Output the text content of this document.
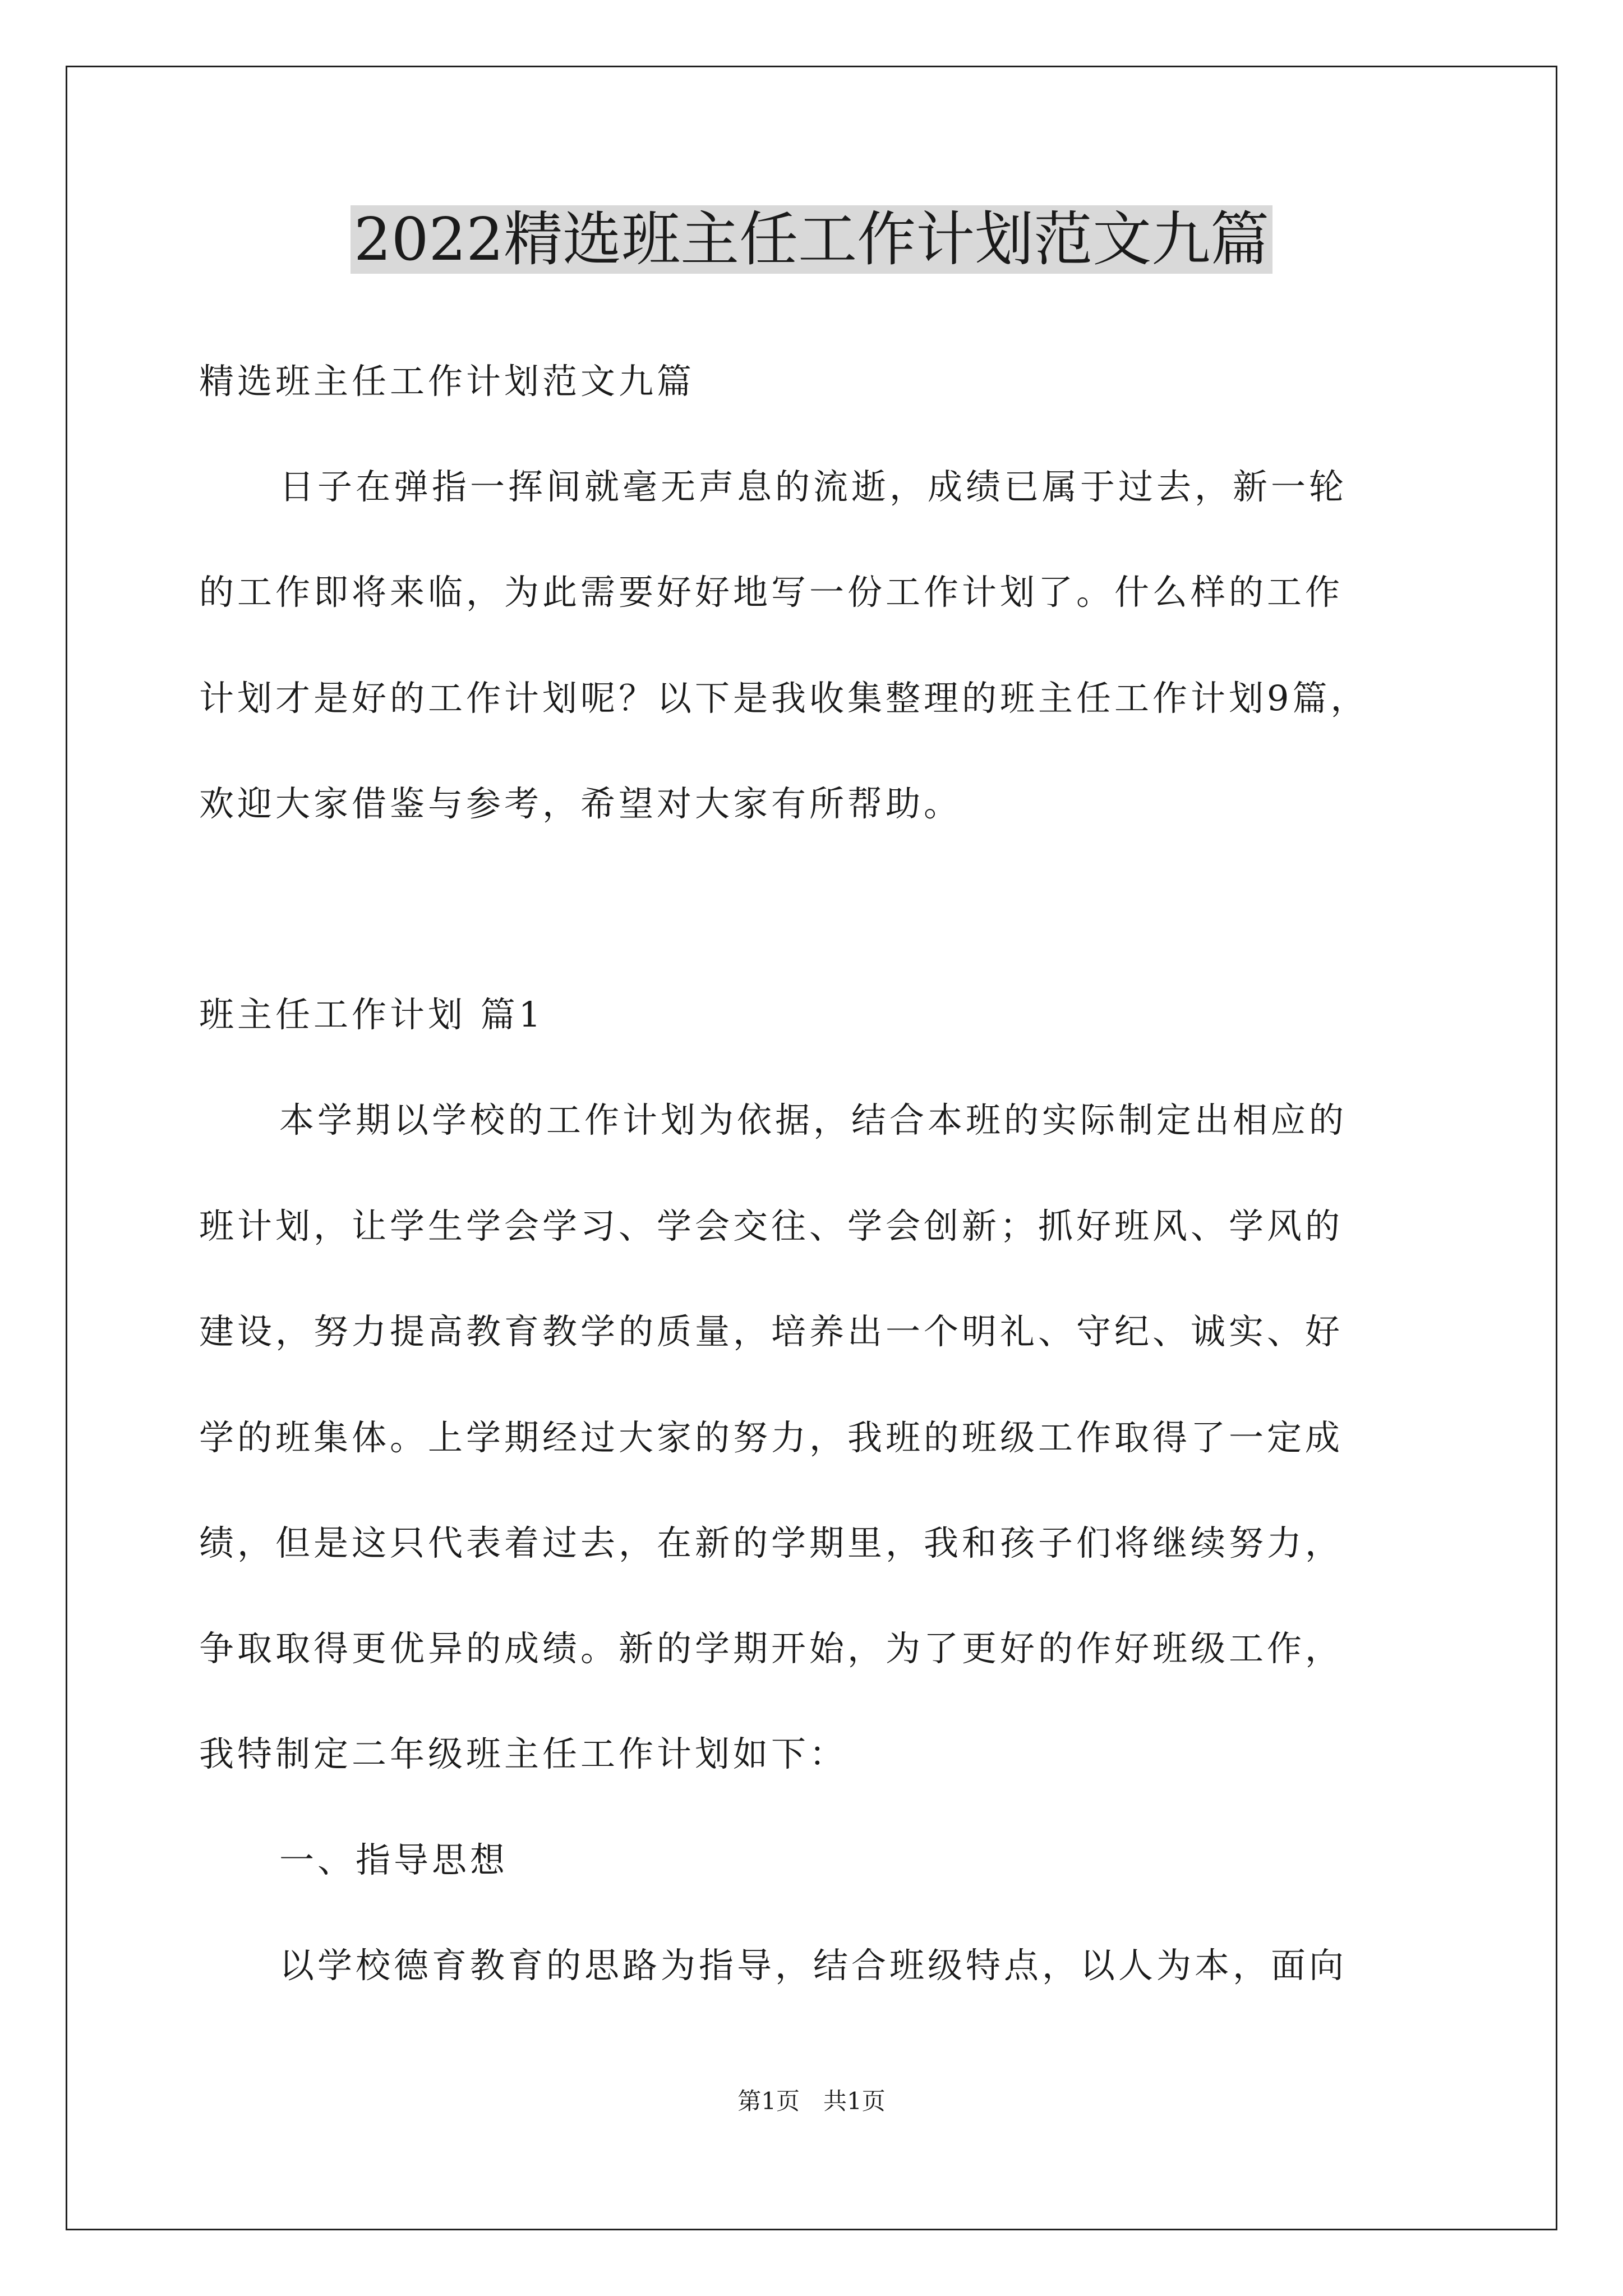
2022精选班主任工作计划范文九篇
精选班主任工作计划范文九篇
日子在弹指一挥间就毫无声息的流逝，成绩已属于过去，新一轮
的工作即将来临，为此需要好好地写一份工作计划了。什么样的工作
计划才是好的工作计划呢？以下是我收集整理的班主任工作计划9篇，
欢迎大家借鉴与参考，希望对大家有所帮助。
班主任工作计划 篇1
本学期以学校的工作计划为依据，结合本班的实际制定出相应的
班计划，让学生学会学习、学会交往、学会创新；抓好班风、学风的
建设，努力提高教育教学的质量，培养出一个明礼、守纪、诚实、好
学的班集体。上学期经过大家的努力，我班的班级工作取得了一定成
绩，但是这只代表着过去，在新的学期里，我和孩子们将继续努力，
争取取得更优异的成绩。新的学期开始，为了更好的作好班级工作，
我特制定二年级班主任工作计划如下：
一、指导思想
以学校德育教育的思路为指导，结合班级特点，以人为本，面向
第1页　共1页
